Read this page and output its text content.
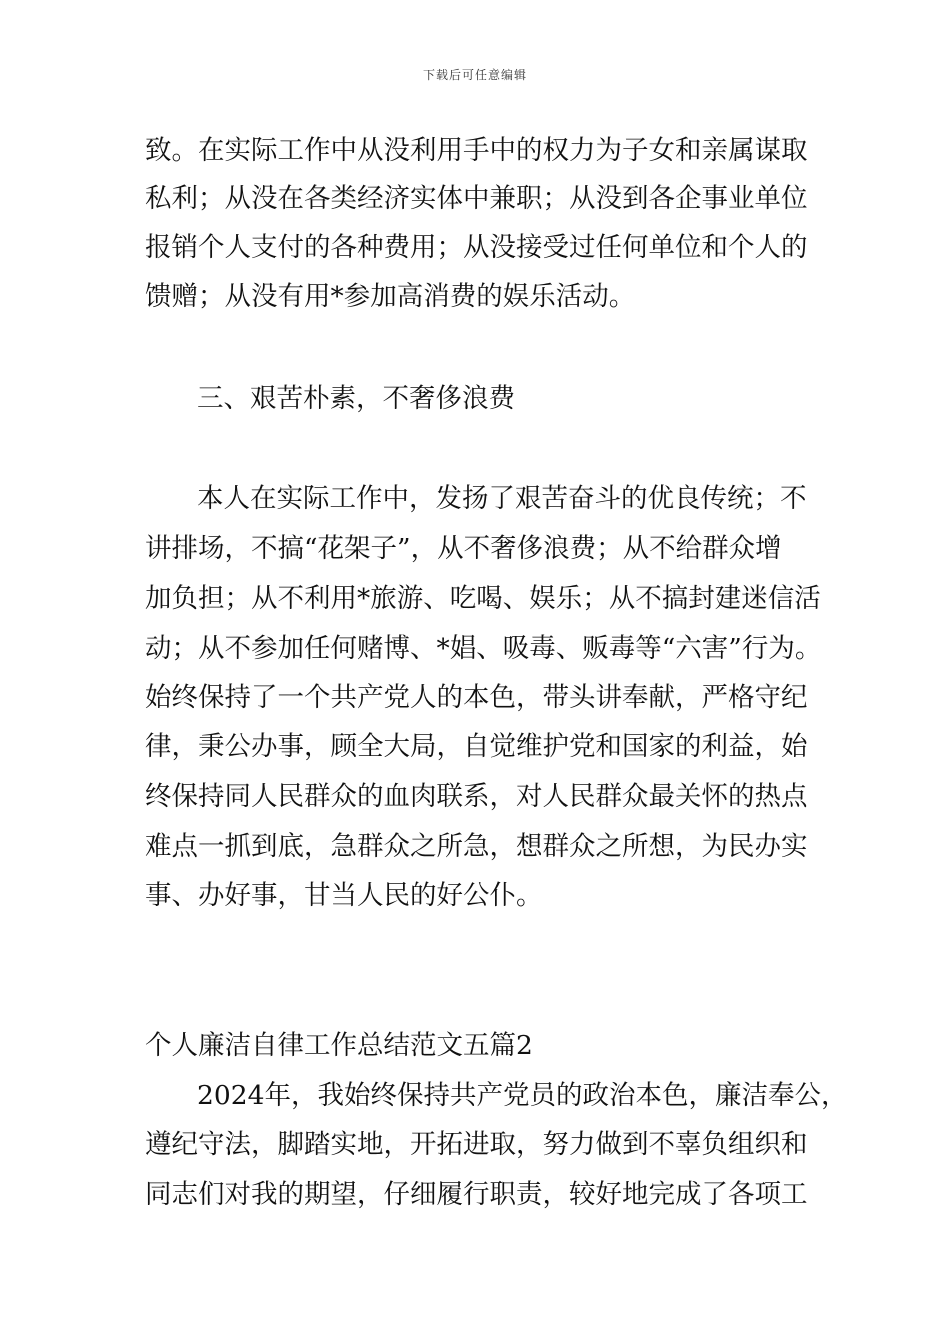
下载后可任意编辑
致。在实际工作中从没利用手中的权力为子女和亲属谋取
私利；从没在各类经济实体中兼职；从没到各企事业单位
报销个人支付的各种费用；从没接受过任何单位和个人的
馈赠；从没有用*参加高消费的娱乐活动。
三、艰苦朴素，不奢侈浪费
本人在实际工作中，发扬了艰苦奋斗的优良传统；不
讲排场，不搞“花架子”，从不奢侈浪费；从不给群众增
加负担；从不利用*旅游、吃喝、娱乐；从不搞封建迷信活
动；从不参加任何赌博、*娼、吸毒、贩毒等“六害”行为。
始终保持了一个共产党人的本色，带头讲奉献，严格守纪
律，秉公办事，顾全大局，自觉维护党和国家的利益，始
终保持同人民群众的血肉联系，对人民群众最关怀的热点
难点一抓到底，急群众之所急，想群众之所想，为民办实
事、办好事，甘当人民的好公仆。
个人廉洁自律工作总结范文五篇2
2024年，我始终保持共产党员的政治本色，廉洁奉公，
遵纪守法，脚踏实地，开拓进取，努力做到不辜负组织和
同志们对我的期望，仔细履行职责，较好地完成了各项工
